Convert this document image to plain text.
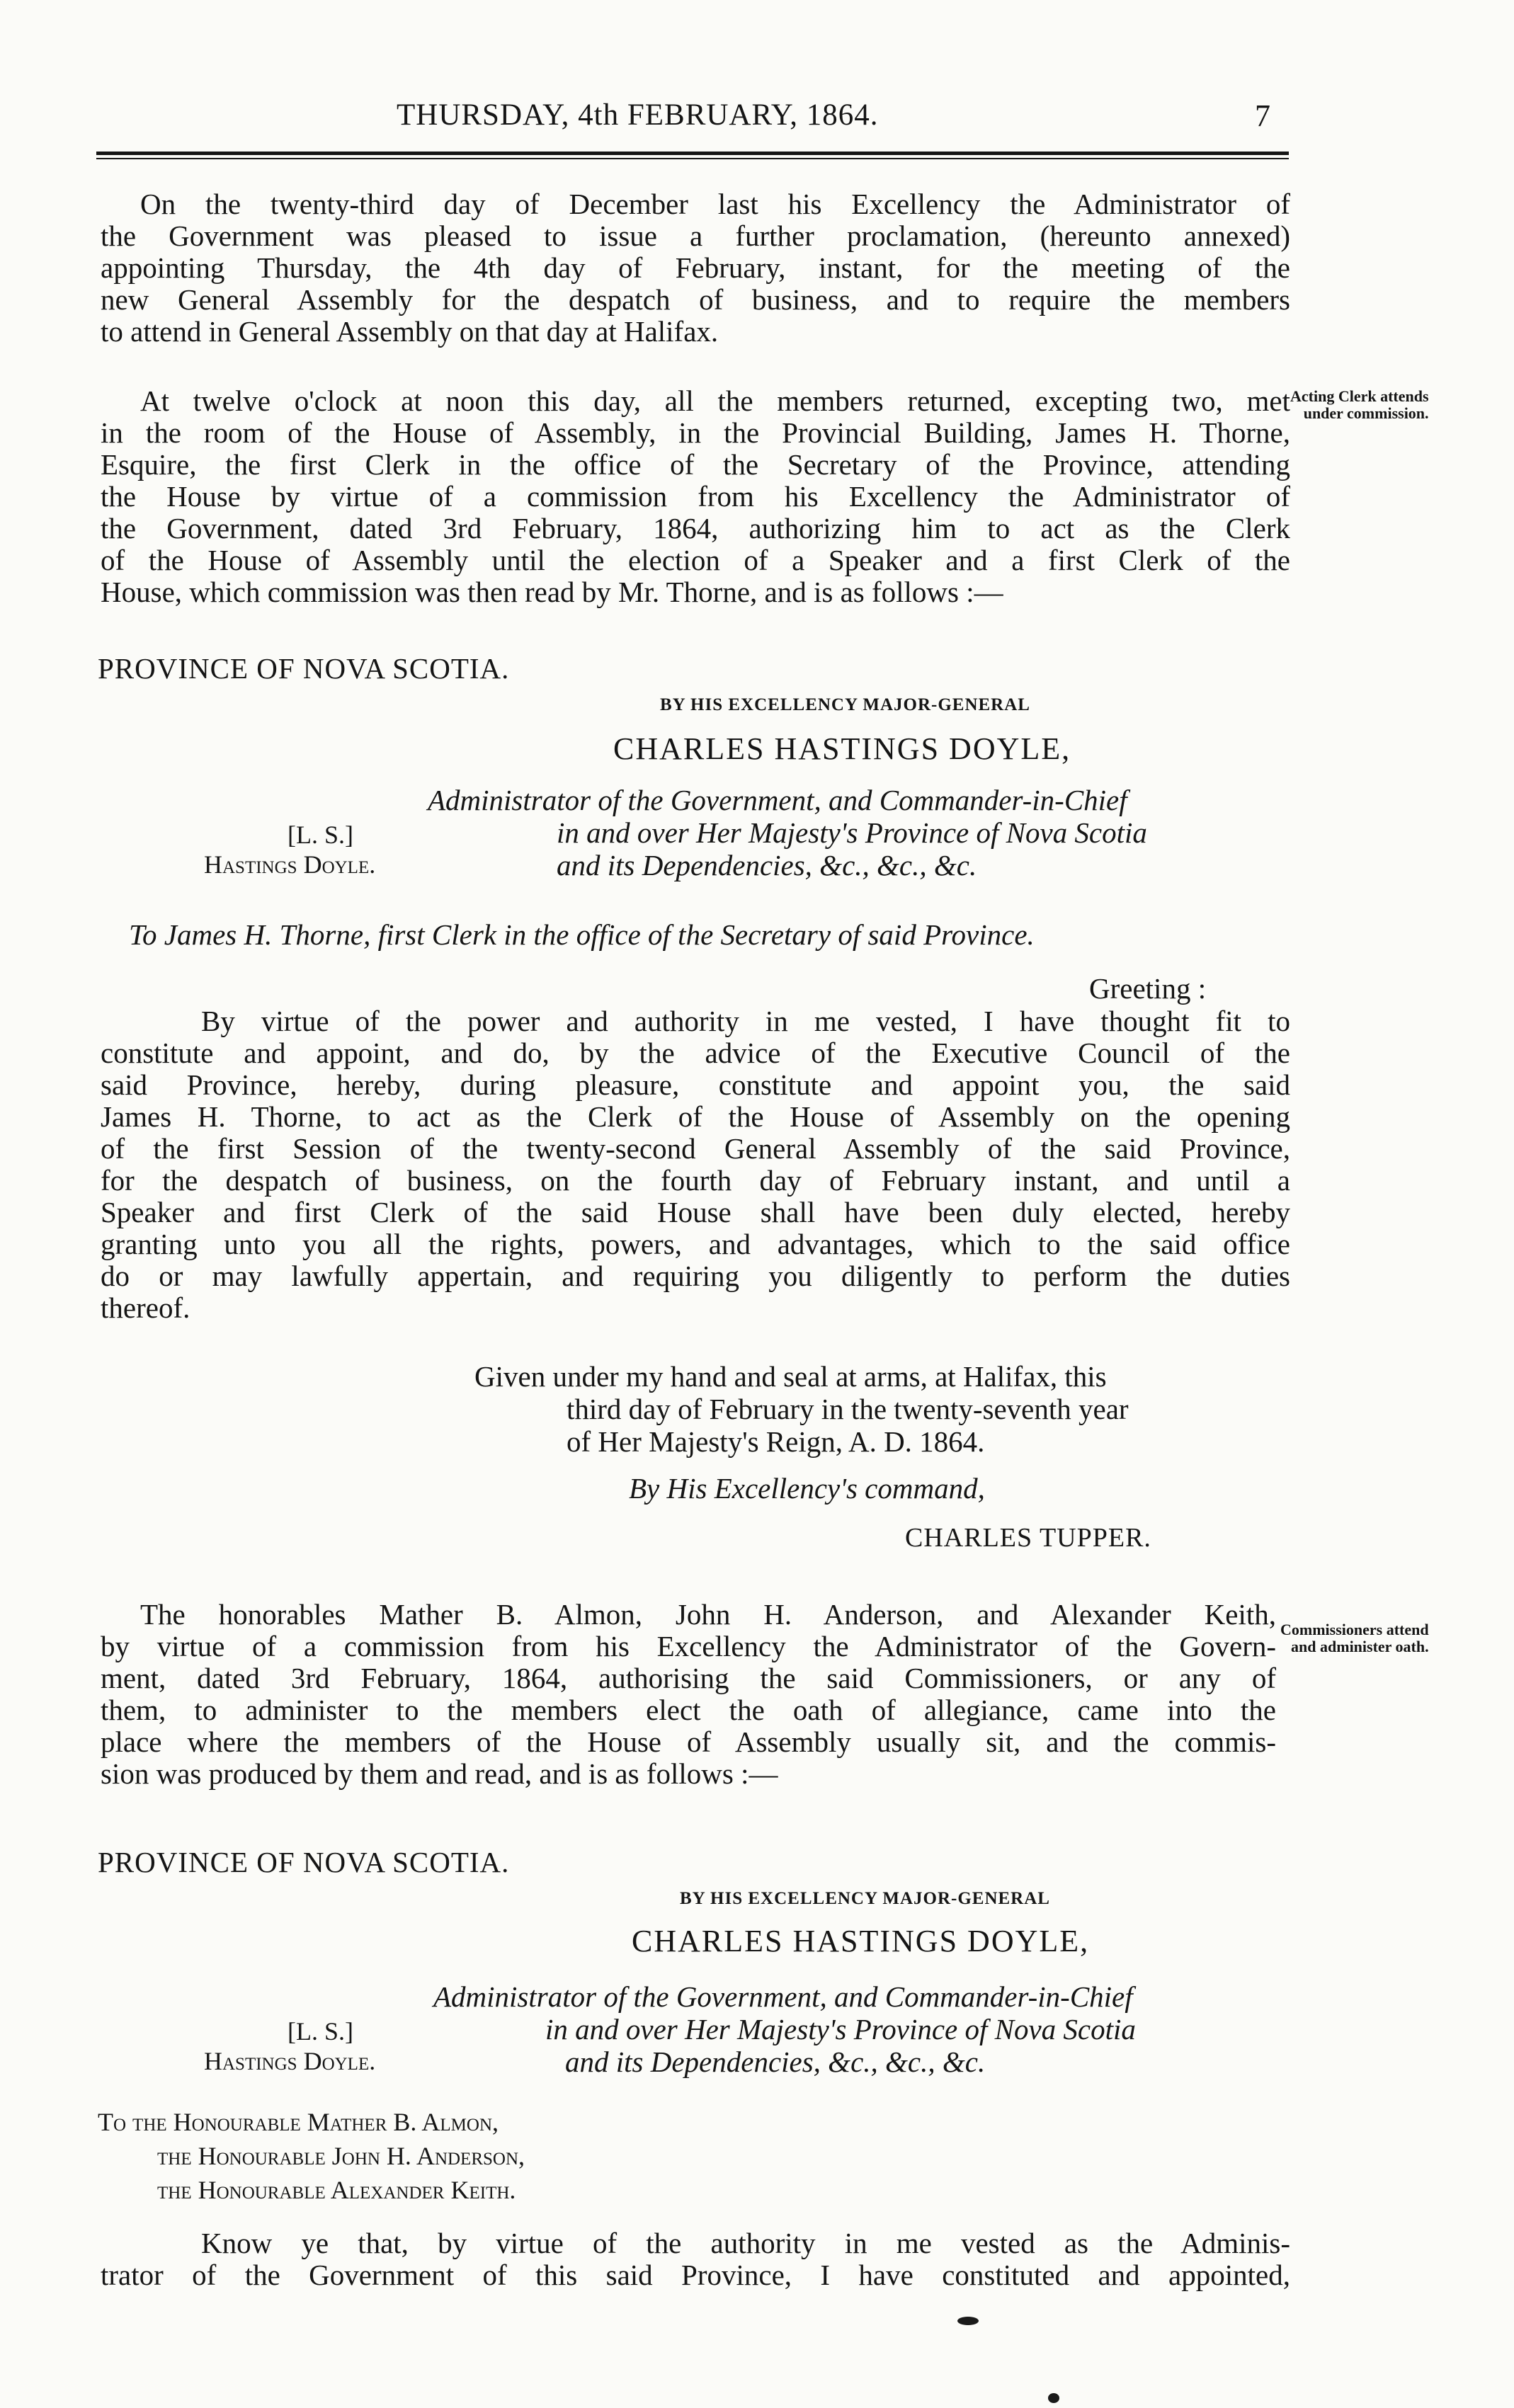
THURSDAY, 4th FEBRUARY, 1864.	7
On the twenty-third day of December last his Excellency the Administrator of
the Government was pleased to issue a further proclamation, (hereunto annexed)
appointing Thursday, the 4th day of February, instant, for the meeting of the
new General Assembly for the despatch of business, and to require the members
to attend in General Assembly on that day at Halifax.
At twelve o'clock at noon this day, all the members returned, excepting two, met
in the room of the House of Assembly, in the Provincial Building, James H. Thorne,
Esquire, the first Clerk in the office of the Secretary of the Province, attending
the House by virtue of a commission from his Excellency the Administrator of
the Government, dated 3rd February, 1864, authorizing him to act as the Clerk
of the House of Assembly until the election of a Speaker and a first Clerk of the
House, which commission was then read by Mr. Thorne, and is as follows :—
Acting Clerk attends
under commission.
PROVINCE OF NOVA SCOTIA.
BY HIS EXCELLENCY MAJOR-GENERAL
CHARLES HASTINGS DOYLE,
Administrator of the Government, and Commander-in-Chief
in and over Her Majesty's Province of Nova Scotia
and its Dependencies, &c., &c., &c.
[L. S.]
Hastings Doyle.
To James H. Thorne, first Clerk in the office of the Secretary of said Province.
Greeting :
By virtue of the power and authority in me vested, I have thought fit to
constitute and appoint, and do, by the advice of the Executive Council of the
said Province, hereby, during pleasure, constitute and appoint you, the said
James H. Thorne, to act as the Clerk of the House of Assembly on the opening
of the first Session of the twenty-second General Assembly of the said Province,
for the despatch of business, on the fourth day of February instant, and until a
Speaker and first Clerk of the said House shall have been duly elected, hereby
granting unto you all the rights, powers, and advantages, which to the said office
do or may lawfully appertain, and requiring you diligently to perform the duties
thereof.
Given under my hand and seal at arms, at Halifax, this
third day of February in the twenty-seventh year
of Her Majesty's Reign, A. D. 1864.
By His Excellency's command,
CHARLES TUPPER.
The honorables Mather B. Almon, John H. Anderson, and Alexander Keith,
by virtue of a commission from his Excellency the Administrator of the Govern-
ment, dated 3rd February, 1864, authorising the said Commissioners, or any of
them, to administer to the members elect the oath of allegiance, came into the
place where the members of the House of Assembly usually sit, and the commis-
sion was produced by them and read, and is as follows :—
Commissioners attend
and administer oath.
PROVINCE OF NOVA SCOTIA.
BY HIS EXCELLENCY MAJOR-GENERAL
CHARLES HASTINGS DOYLE,
Administrator of the Government, and Commander-in-Chief
in and over Her Majesty's Province of Nova Scotia
and its Dependencies, &c., &c., &c.
[L. S.]
Hastings Doyle.
To the Honourable Mather B. Almon,
the Honourable John H. Anderson,
the Honourable Alexander Keith.
Know ye that, by virtue of the authority in me vested as the Adminis-
trator of the Government of this said Province, I have constituted and appointed,
